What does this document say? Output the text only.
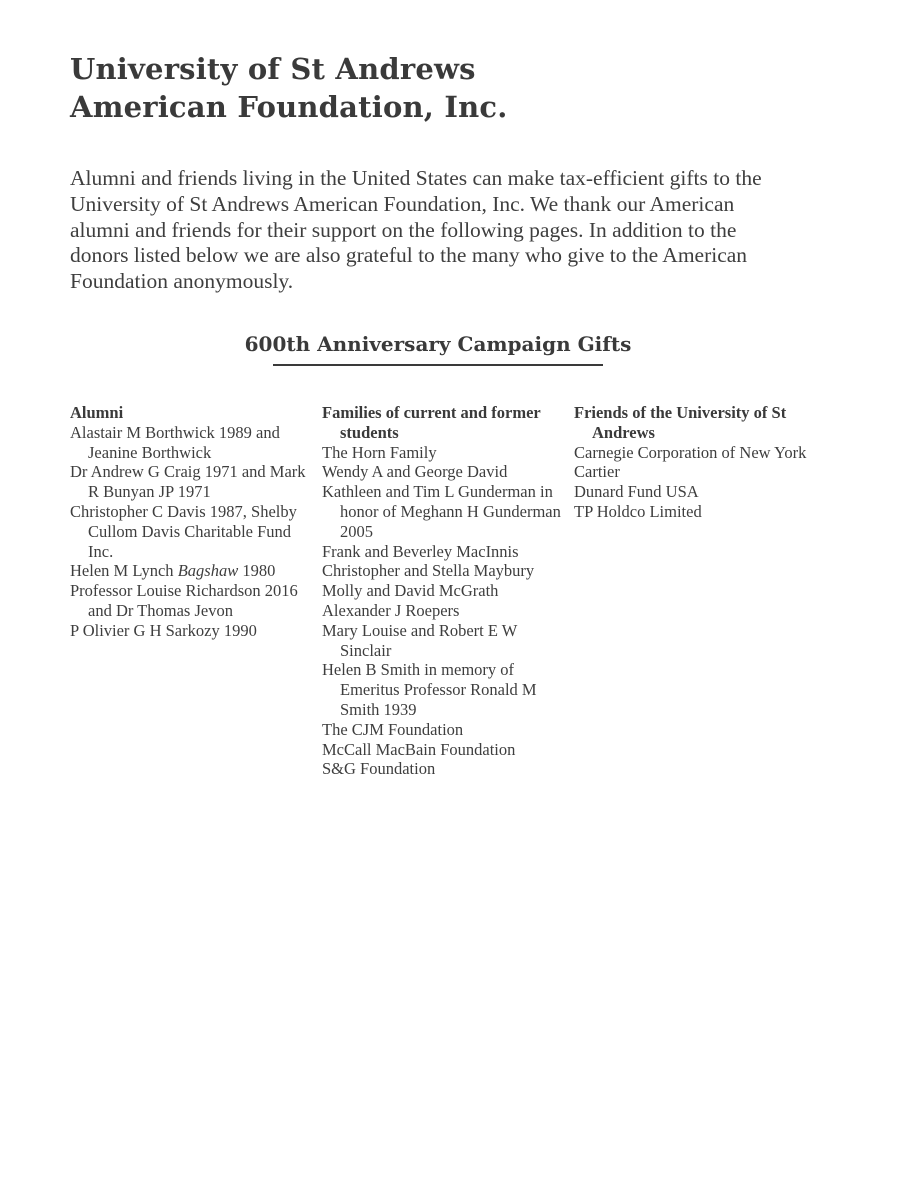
University of St Andrews
American Foundation, Inc.

Alumni and friends living in the United States can make tax-efficient gifts to the University of St Andrews American Foundation, Inc. We thank our American alumni and friends for their support on the following pages. In addition to the donors listed below we are also grateful to the many who give to the American Foundation anonymously.

600th Anniversary Campaign Gifts
Alumni
Alastair M Borthwick 1989 and Jeanine Borthwick
Dr Andrew G Craig 1971 and Mark R Bunyan JP 1971
Christopher C Davis 1987, Shelby Cullom Davis Charitable Fund Inc.
Helen M Lynch Bagshaw 1980
Professor Louise Richardson 2016 and Dr Thomas Jevon
P Olivier G H Sarkozy 1990
Families of current and former students
The Horn Family
Wendy A and George David
Kathleen and Tim L Gunderman in honor of Meghann H Gunderman 2005
Frank and Beverley MacInnis
Christopher and Stella Maybury
Molly and David McGrath
Alexander J Roepers
Mary Louise and Robert E W Sinclair
Helen B Smith in memory of Emeritus Professor Ronald M Smith 1939
The CJM Foundation
McCall MacBain Foundation
S&G Foundation
Friends of the University of St Andrews
Carnegie Corporation of New York
Cartier
Dunard Fund USA
TP Holdco Limited
